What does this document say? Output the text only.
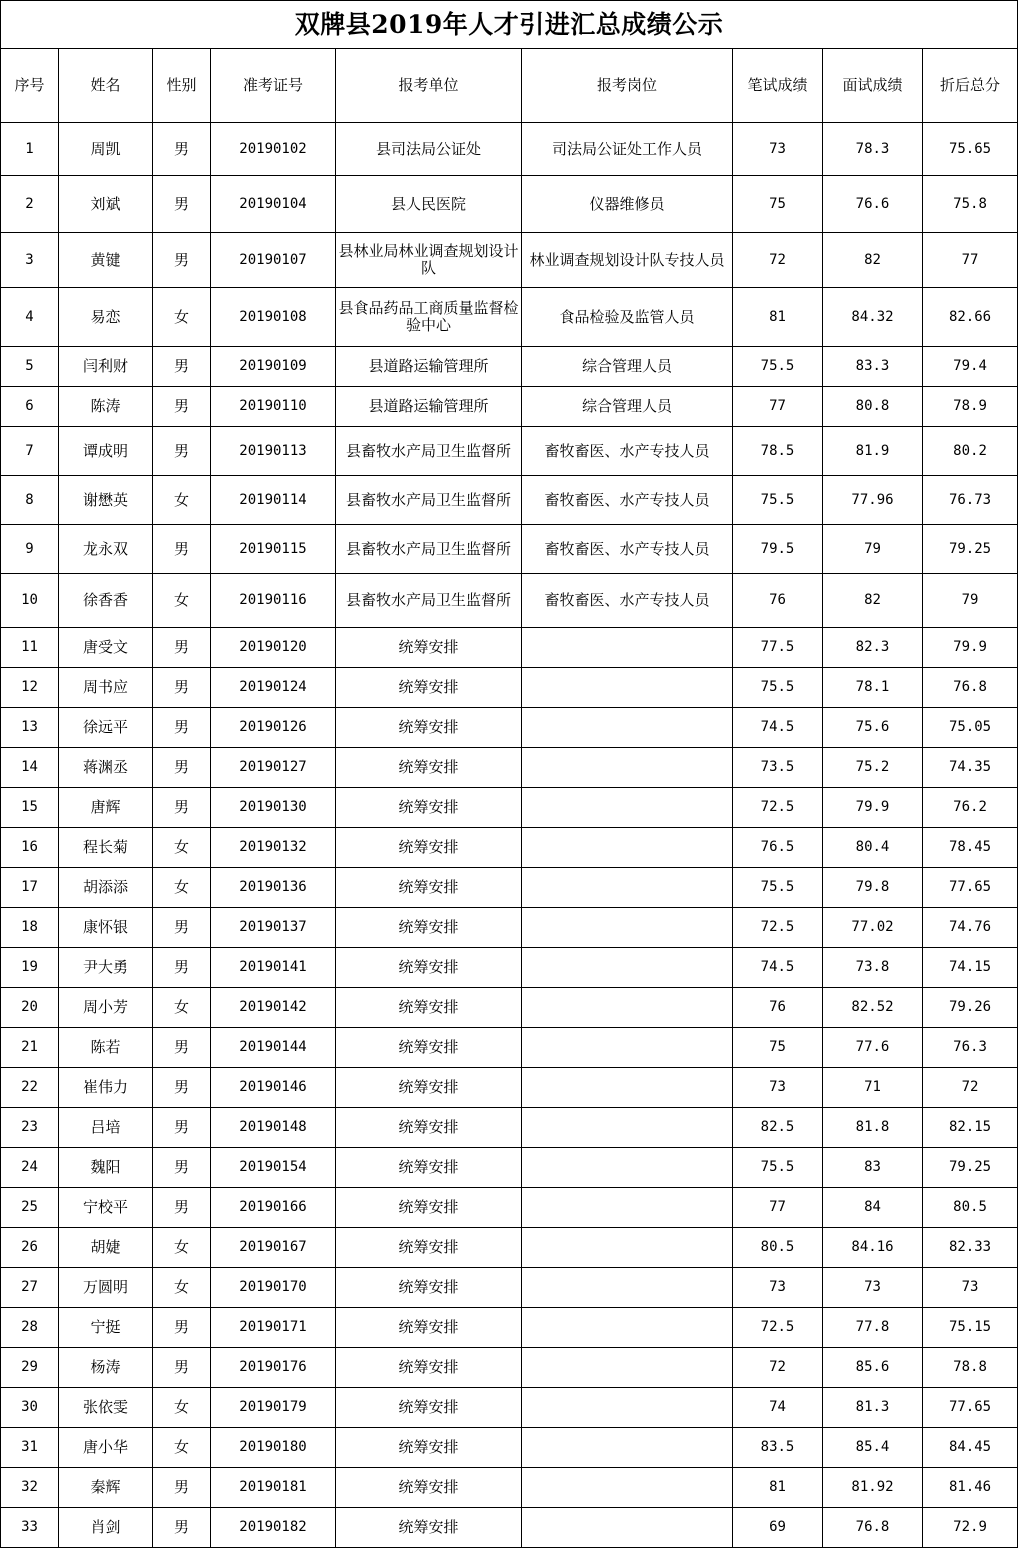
双牌县2019年人才引进汇总成绩公示								
序号	姓名	性别	准考证号	报考单位	报考岗位	笔试成绩	面试成绩	折后总分
1	周凯	男	20190102	县司法局公证处	司法局公证处工作人员	73	78.3	75.65
2	刘斌	男	20190104	县人民医院	仪器维修员	75	76.6	75.8
3	黄键	男	20190107	县林业局林业调查规划设计队	林业调查规划设计队专技人员	72	82	77
4	易恋	女	20190108	县食品药品工商质量监督检验中心	食品检验及监管人员	81	84.32	82.66
5	闫利财	男	20190109	县道路运输管理所	综合管理人员	75.5	83.3	79.4
6	陈涛	男	20190110	县道路运输管理所	综合管理人员	77	80.8	78.9
7	谭成明	男	20190113	县畜牧水产局卫生监督所	畜牧畜医、水产专技人员	78.5	81.9	80.2
8	谢懋英	女	20190114	县畜牧水产局卫生监督所	畜牧畜医、水产专技人员	75.5	77.96	76.73
9	龙永双	男	20190115	县畜牧水产局卫生监督所	畜牧畜医、水产专技人员	79.5	79	79.25
10	徐香香	女	20190116	县畜牧水产局卫生监督所	畜牧畜医、水产专技人员	76	82	79
11	唐受文	男	20190120	统筹安排		77.5	82.3	79.9
12	周书应	男	20190124	统筹安排		75.5	78.1	76.8
13	徐远平	男	20190126	统筹安排		74.5	75.6	75.05
14	蒋渊丞	男	20190127	统筹安排		73.5	75.2	74.35
15	唐辉	男	20190130	统筹安排		72.5	79.9	76.2
16	程长菊	女	20190132	统筹安排		76.5	80.4	78.45
17	胡添添	女	20190136	统筹安排		75.5	79.8	77.65
18	康怀银	男	20190137	统筹安排		72.5	77.02	74.76
19	尹大勇	男	20190141	统筹安排		74.5	73.8	74.15
20	周小芳	女	20190142	统筹安排		76	82.52	79.26
21	陈若	男	20190144	统筹安排		75	77.6	76.3
22	崔伟力	男	20190146	统筹安排		73	71	72
23	吕培	男	20190148	统筹安排		82.5	81.8	82.15
24	魏阳	男	20190154	统筹安排		75.5	83	79.25
25	宁校平	男	20190166	统筹安排		77	84	80.5
26	胡婕	女	20190167	统筹安排		80.5	84.16	82.33
27	万圆明	女	20190170	统筹安排		73	73	73
28	宁挺	男	20190171	统筹安排		72.5	77.8	75.15
29	杨涛	男	20190176	统筹安排		72	85.6	78.8
30	张依雯	女	20190179	统筹安排		74	81.3	77.65
31	唐小华	女	20190180	统筹安排		83.5	85.4	84.45
32	秦辉	男	20190181	统筹安排		81	81.92	81.46
33	肖剑	男	20190182	统筹安排		69	76.8	72.9
